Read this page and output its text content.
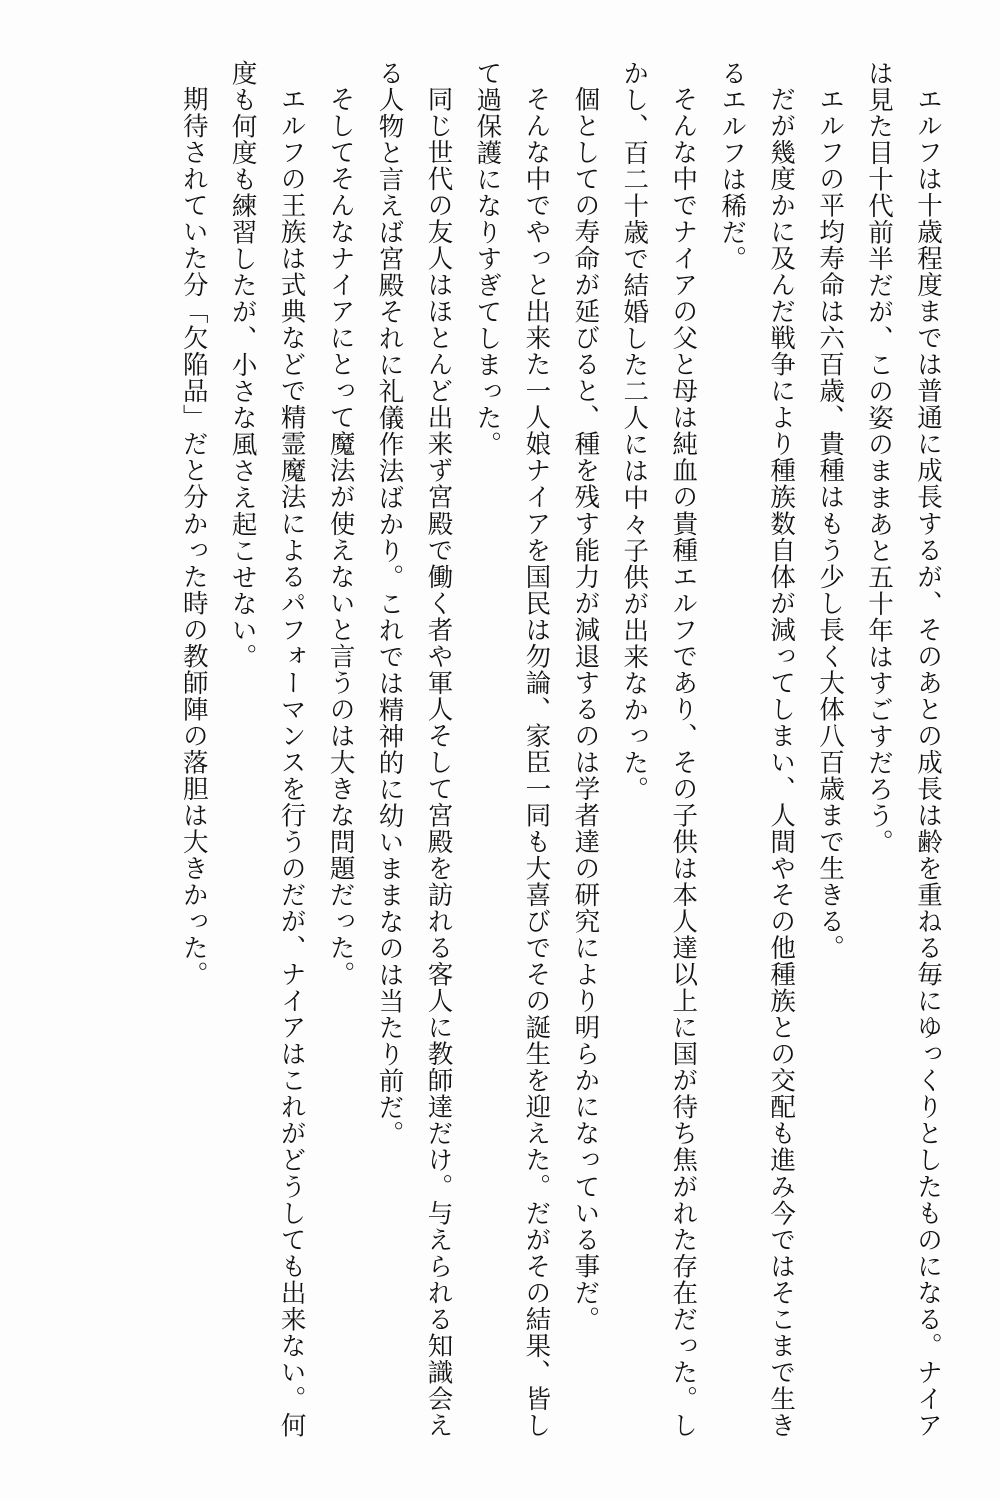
エルフは十歳程度までは普通に成長するが、そのあとの成長は齢を重ねる毎にゆっくりとしたものになる。ナイアは見た目十代前半だが、この姿のままあと五十年はすごすだろう。

エルフの平均寿命は六百歳、貴種はもう少し長く大体八百歳まで生きる。

だが幾度かに及んだ戦争により種族数自体が減ってしまい、人間やその他種族との交配も進み今ではそこまで生きるエルフは稀だ。

そんな中でナイアの父と母は純血の貴種エルフであり、その子供は本人達以上に国が待ち焦がれた存在だった。しかし、百二十歳で結婚した二人には中々子供が出来なかった。

個としての寿命が延びると、種を残す能力が減退するのは学者達の研究により明らかになっている事だ。

そんな中でやっと出来た一人娘ナイアを国民は勿論、家臣一同も大喜びでその誕生を迎えた。だがその結果、皆して過保護になりすぎてしまった。

同じ世代の友人はほとんど出来ず宮殿で働く者や軍人そして宮殿を訪れる客人に教師達だけ。与えられる知識会える人物と言えば宮殿それに礼儀作法ばかり。これでは精神的に幼いままなのは当たり前だ。

そしてそんなナイアにとって魔法が使えないと言うのは大きな問題だった。

エルフの王族は式典などで精霊魔法によるパフォーマンスを行うのだが、ナイアはこれがどうしても出来ない。何度も何度も練習したが、小さな風さえ起こせない。

期待されていた分「欠陥品」だと分かった時の教師陣の落胆は大きかった。
